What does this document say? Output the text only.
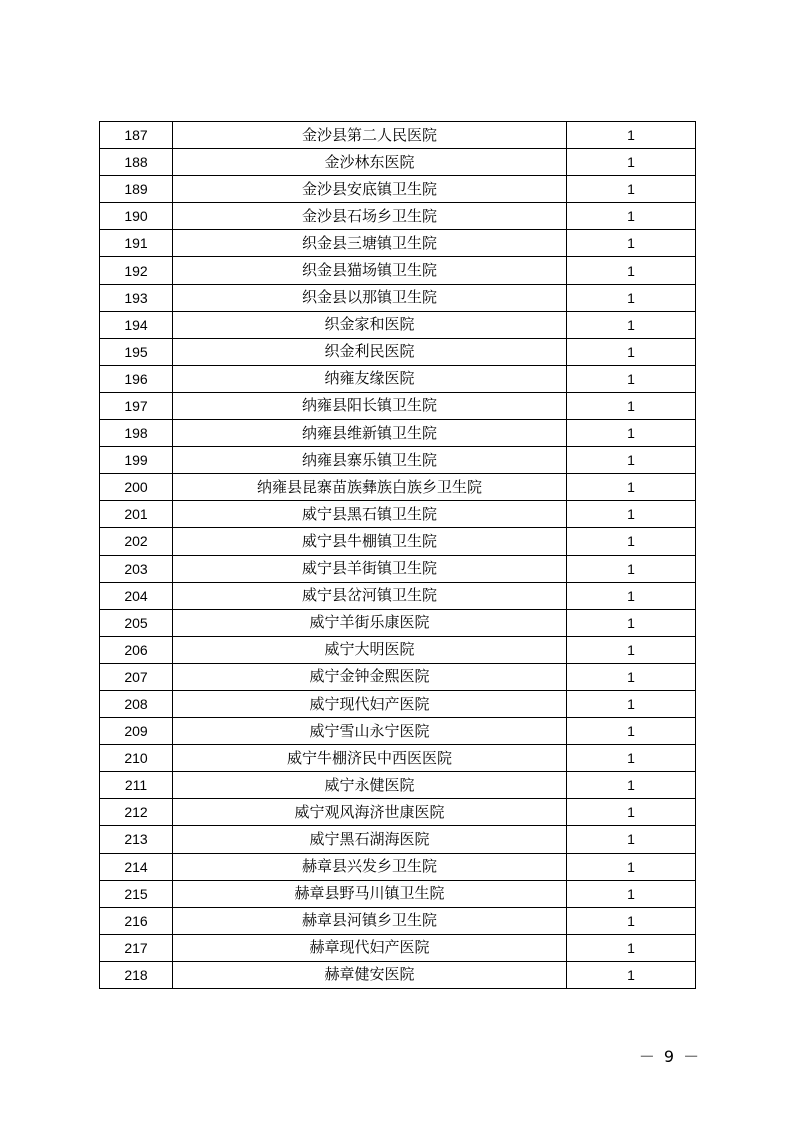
187	金沙县第二人民医院	1
188	金沙林东医院	1
189	金沙县安底镇卫生院	1
190	金沙县石场乡卫生院	1
191	织金县三塘镇卫生院	1
192	织金县猫场镇卫生院	1
193	织金县以那镇卫生院	1
194	织金家和医院	1
195	织金利民医院	1
196	纳雍友缘医院	1
197	纳雍县阳长镇卫生院	1
198	纳雍县维新镇卫生院	1
199	纳雍县寨乐镇卫生院	1
200	纳雍县昆寨苗族彝族白族乡卫生院	1
201	威宁县黑石镇卫生院	1
202	威宁县牛棚镇卫生院	1
203	威宁县羊街镇卫生院	1
204	威宁县岔河镇卫生院	1
205	威宁羊街乐康医院	1
206	威宁大明医院	1
207	威宁金钟金熙医院	1
208	威宁现代妇产医院	1
209	威宁雪山永宁医院	1
210	威宁牛棚济民中西医医院	1
211	威宁永健医院	1
212	威宁观风海济世康医院	1
213	威宁黑石湖海医院	1
214	赫章县兴发乡卫生院	1
215	赫章县野马川镇卫生院	1
216	赫章县河镇乡卫生院	1
217	赫章现代妇产医院	1
218	赫章健安医院	1
－ 9 －
